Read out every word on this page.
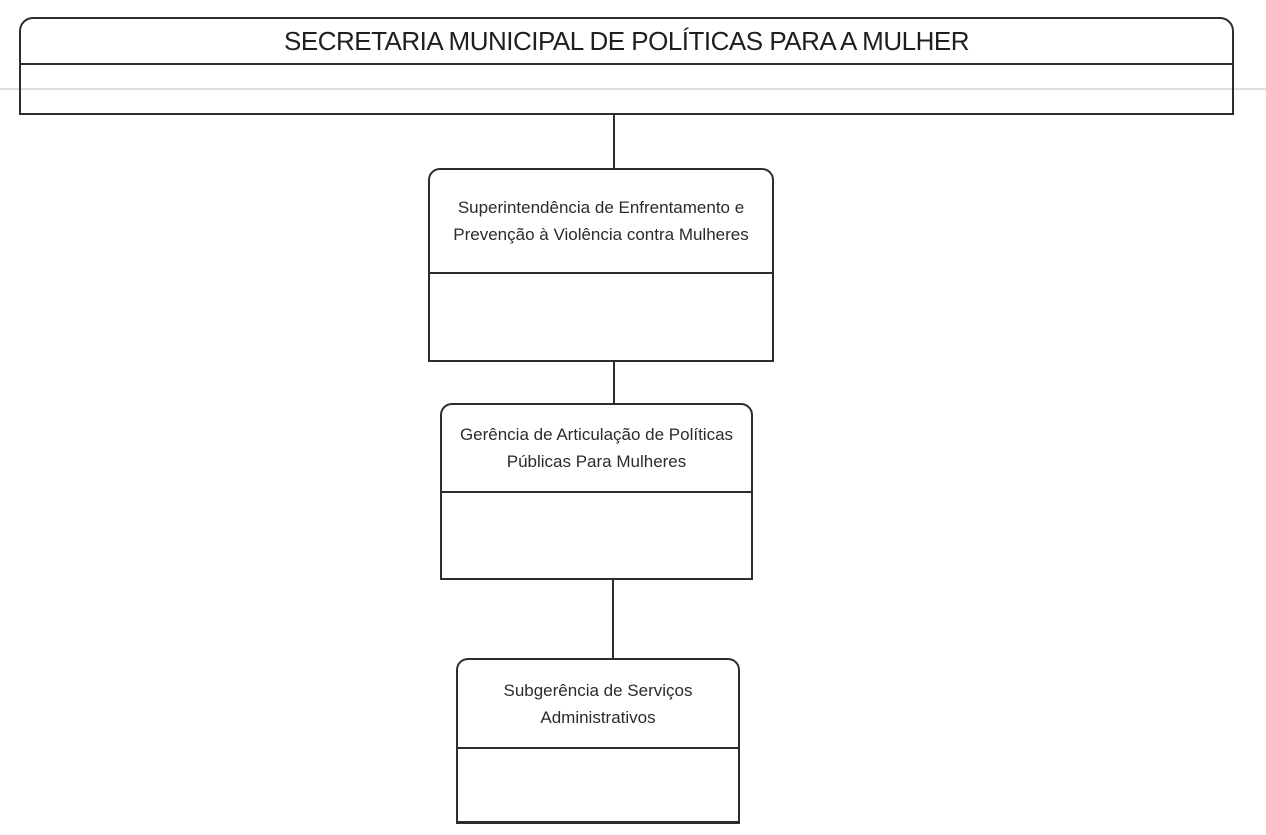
SECRETARIA MUNICIPAL DE POLÍTICAS PARA A MULHER
Superintendência de Enfrentamento e Prevenção à Violência contra Mulheres
Gerência de Articulação de Políticas Públicas Para Mulheres
Subgerência de Serviços Administrativos
